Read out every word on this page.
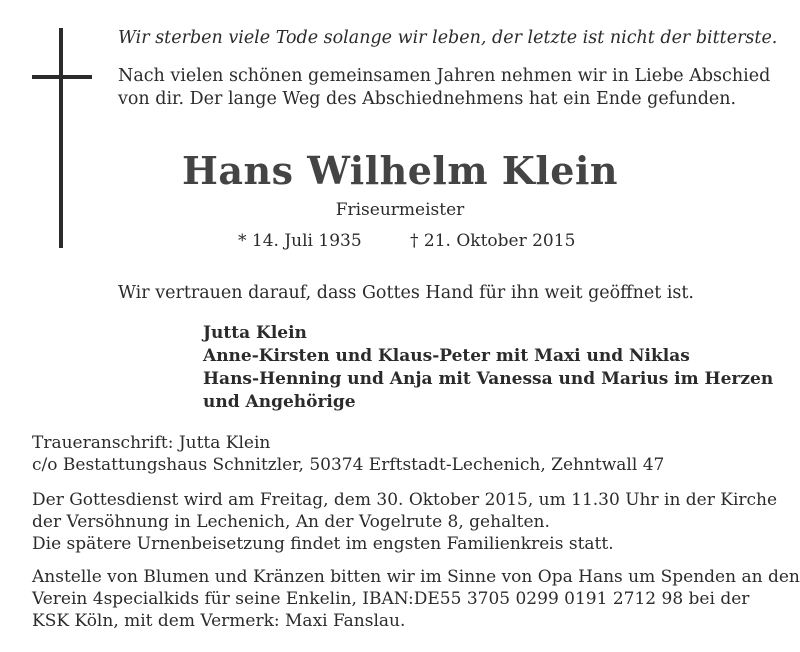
Wir sterben viele Tode solange wir leben, der letzte ist nicht der bitterste.
Nach vielen schönen gemeinsamen Jahren nehmen wir in Liebe Abschied
von dir. Der lange Weg des Abschiednehmens hat ein Ende gefunden.
Hans Wilhelm Klein
Friseurmeister
* 14. Juli 1935	† 21. Oktober 2015
Wir vertrauen darauf, dass Gottes Hand für ihn weit geöffnet ist.
Jutta Klein
Anne-Kirsten und Klaus-Peter mit Maxi und Niklas
Hans-Henning und Anja mit Vanessa und Marius im Herzen
und Angehörige
Traueranschrift: Jutta Klein
c/o Bestattungshaus Schnitzler, 50374 Erftstadt-Lechenich, Zehntwall 47
Der Gottesdienst wird am Freitag, dem 30. Oktober 2015, um 11.30 Uhr in der Kirche
der Versöhnung in Lechenich, An der Vogelrute 8, gehalten.
Die spätere Urnenbeisetzung findet im engsten Familienkreis statt.
Anstelle von Blumen und Kränzen bitten wir im Sinne von Opa Hans um Spenden an den
Verein 4specialkids für seine Enkelin, IBAN:DE55 3705 0299 0191 2712 98 bei der
KSK Köln, mit dem Vermerk: Maxi Fanslau.
